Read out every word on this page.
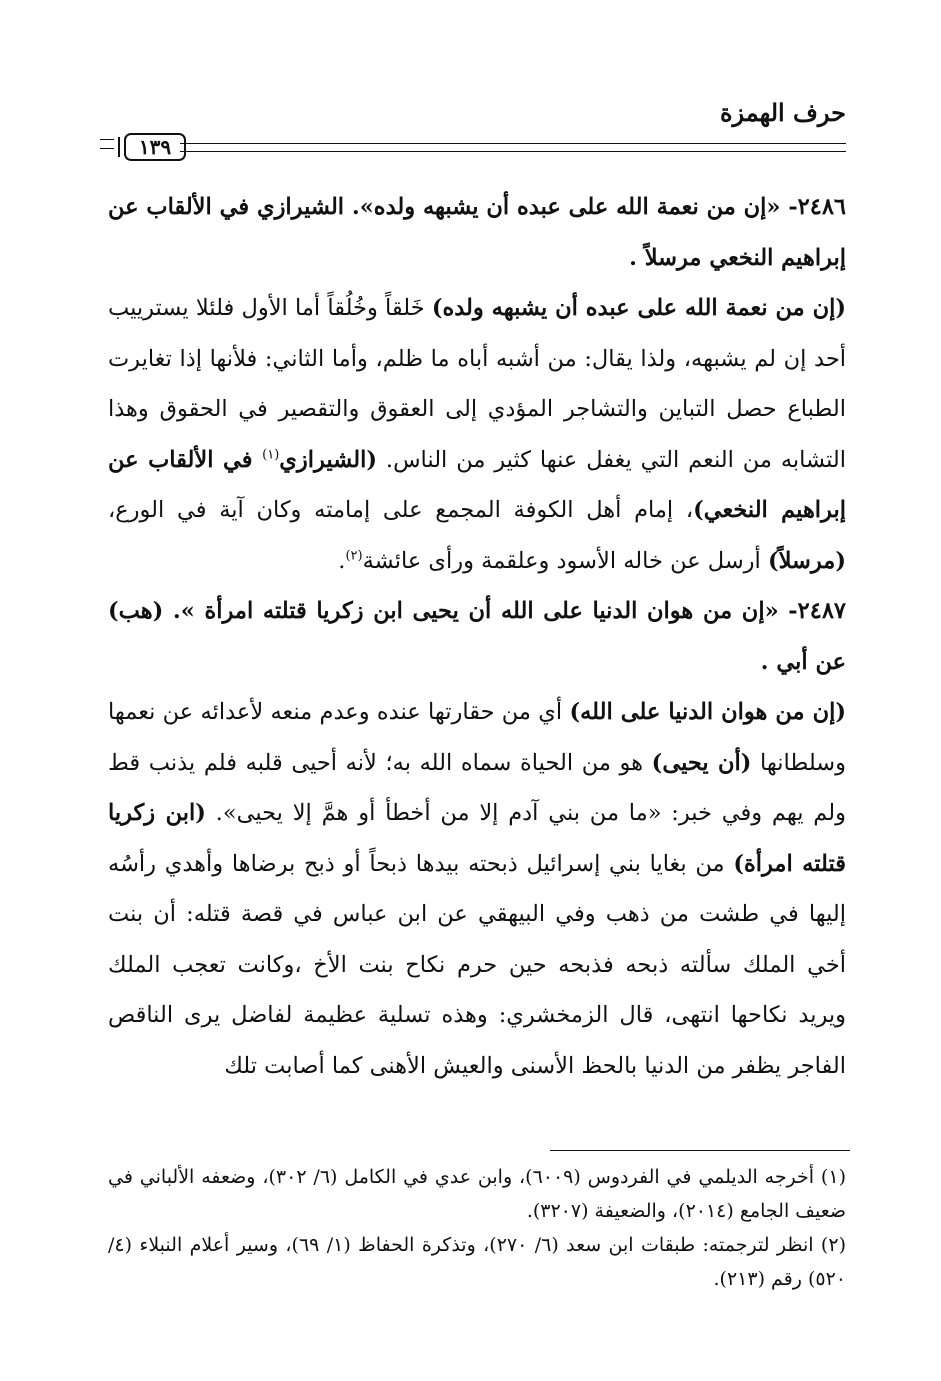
حرف الهمزة
١٣٩

٢٤٨٦- «إن من نعمة الله على عبده أن يشبهه ولده». الشيرازي في الألقاب عن إبراهيم النخعي مرسلاً .

(إن من نعمة الله على عبده أن يشبهه ولده) خَلقاً وخُلُقاً أما الأول فلئلا يسترييب أحد إن لم يشبهه، ولذا يقال: من أشبه أباه ما ظلم، وأما الثاني: فلأنها إذا تغايرت الطباع حصل التباين والتشاجر المؤدي إلى العقوق والتقصير في الحقوق وهذا التشابه من النعم التي يغفل عنها كثير من الناس. (الشيرازي$^{(١)}$ في الألقاب عن إبراهيم النخعي)، إمام أهل الكوفة المجمع على إمامته وكان آية في الورع، (مرسلاً) أرسل عن خاله الأسود وعلقمة ورأى عائشة$^{(٢)}$.

٢٤٨٧- «إن من هوان الدنيا على الله أن يحيى ابن زكريا قتلته امرأة ». (هب) عن أبي .

(إن من هوان الدنيا على الله) أي من حقارتها عنده وعدم منعه لأعدائه عن نعمها وسلطانها (أن يحيى) هو من الحياة سماه الله به؛ لأنه أحيى قلبه فلم يذنب قط ولم يهم وفي خبر: «ما من بني آدم إلا من أخطأ أو همَّ إلا يحيى». (ابن زكريا قتلته امرأة) من بغايا بني إسرائيل ذبحته بيدها ذبحاً أو ذبح برضاها وأهدي رأسُه إليها في طشت من ذهب وفي البيهقي عن ابن عباس في قصة قتله: أن بنت أخي الملك سألته ذبحه فذبحه حين حرم نكاح بنت الأخ ،وكانت تعجب الملك ويريد نكاحها انتهى، قال الزمخشري: وهذه تسلية عظيمة لفاضل يرى الناقص الفاجر يظفر من الدنيا بالحظ الأسنى والعيش الأهنى كما أصابت تلك

(١) أخرجه الديلمي في الفردوس (٦٠٠٩)، وابن عدي في الكامل (٦/ ٣٠٢)، وضعفه الألباني في ضعيف الجامع (٢٠١٤)، والضعيفة (٣٢٠٧).

(٢) انظر لترجمته: طبقات ابن سعد (٦/ ٢٧٠)، وتذكرة الحفاظ (١/ ٦٩)، وسير أعلام النبلاء (٤/ ٥٢٠) رقم (٢١٣).
